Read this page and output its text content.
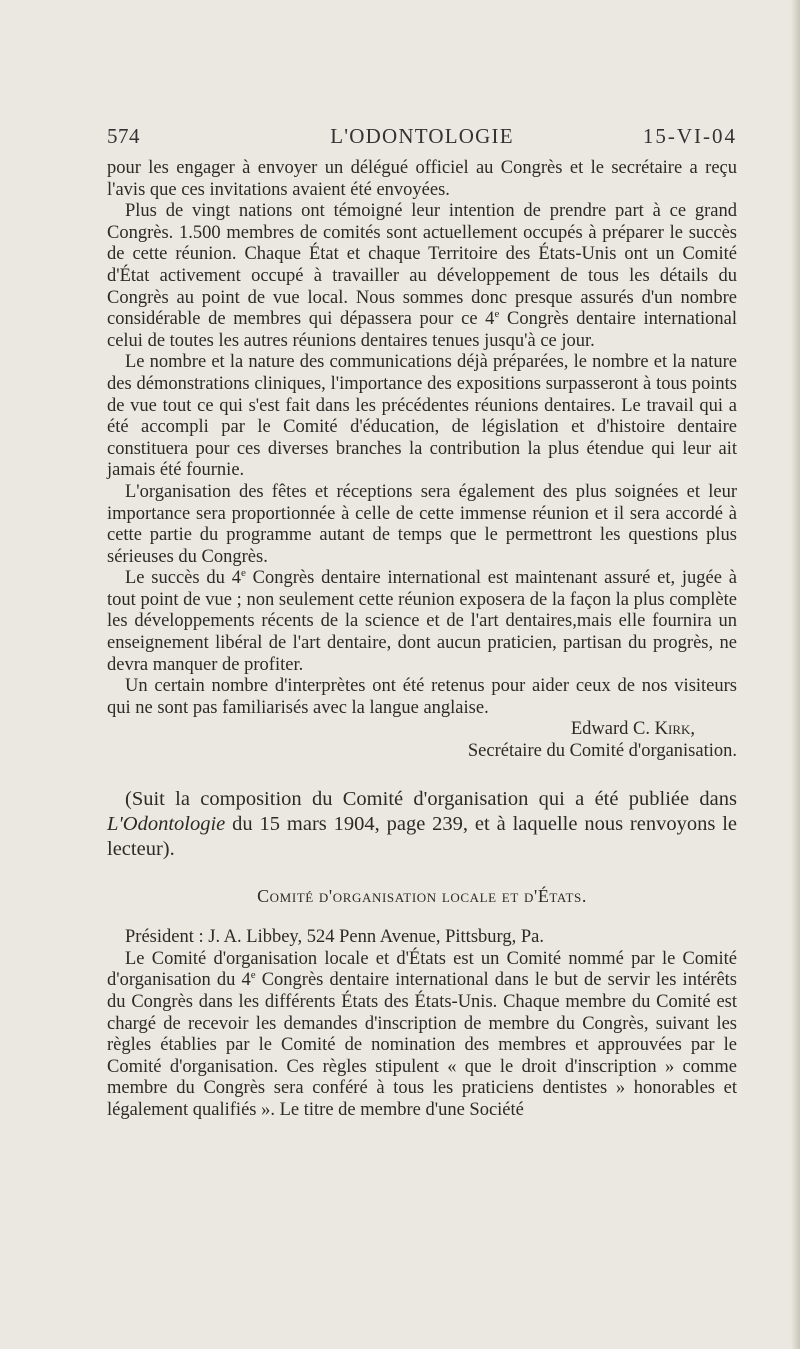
574	L'ODONTOLOGIE	15-VI-04

pour les engager à envoyer un délégué officiel au Congrès et le secrétaire a reçu l'avis que ces invitations avaient été envoyées.

Plus de vingt nations ont témoigné leur intention de prendre part à ce grand Congrès. 1.500 membres de comités sont actuellement occupés à préparer le succès de cette réunion. Chaque État et chaque Territoire des États-Unis ont un Comité d'État activement occupé à travailler au développement de tous les détails du Congrès au point de vue local. Nous sommes donc presque assurés d'un nombre considérable de membres qui dépassera pour ce 4e Congrès dentaire international celui de toutes les autres réunions dentaires tenues jusqu'à ce jour.

Le nombre et la nature des communications déjà préparées, le nombre et la nature des démonstrations cliniques, l'importance des expositions surpasseront à tous points de vue tout ce qui s'est fait dans les précédentes réunions dentaires. Le travail qui a été accompli par le Comité d'éducation, de législation et d'histoire dentaire constituera pour ces diverses branches la contribution la plus étendue qui leur ait jamais été fournie.

L'organisation des fêtes et réceptions sera également des plus soignées et leur importance sera proportionnée à celle de cette immense réunion et il sera accordé à cette partie du programme autant de temps que le permettront les questions plus sérieuses du Congrès.

Le succès du 4e Congrès dentaire international est maintenant assuré et, jugée à tout point de vue ; non seulement cette réunion exposera de la façon la plus complète les développements récents de la science et de l'art dentaires,mais elle fournira un enseignement libéral de l'art dentaire, dont aucun praticien, partisan du progrès, ne devra manquer de profiter.

Un certain nombre d'interprètes ont été retenus pour aider ceux de nos visiteurs qui ne sont pas familiarisés avec la langue anglaise.

Edward C. Kirk,

Secrétaire du Comité d'organisation.

(Suit la composition du Comité d'organisation qui a été publiée dans L'Odontologie du 15 mars 1904, page 239, et à laquelle nous renvoyons le lecteur).

Comité d'organisation locale et d'États.

Président : J. A. Libbey, 524 Penn Avenue, Pittsburg, Pa.

Le Comité d'organisation locale et d'États est un Comité nommé par le Comité d'organisation du 4e Congrès dentaire international dans le but de servir les intérêts du Congrès dans les différents États des États-Unis. Chaque membre du Comité est chargé de recevoir les demandes d'inscription de membre du Congrès, suivant les règles établies par le Comité de nomination des membres et approuvées par le Comité d'organisation. Ces règles stipulent « que le droit d'inscription » comme membre du Congrès sera conféré à tous les praticiens dentistes » honorables et légalement qualifiés ». Le titre de membre d'une Société
